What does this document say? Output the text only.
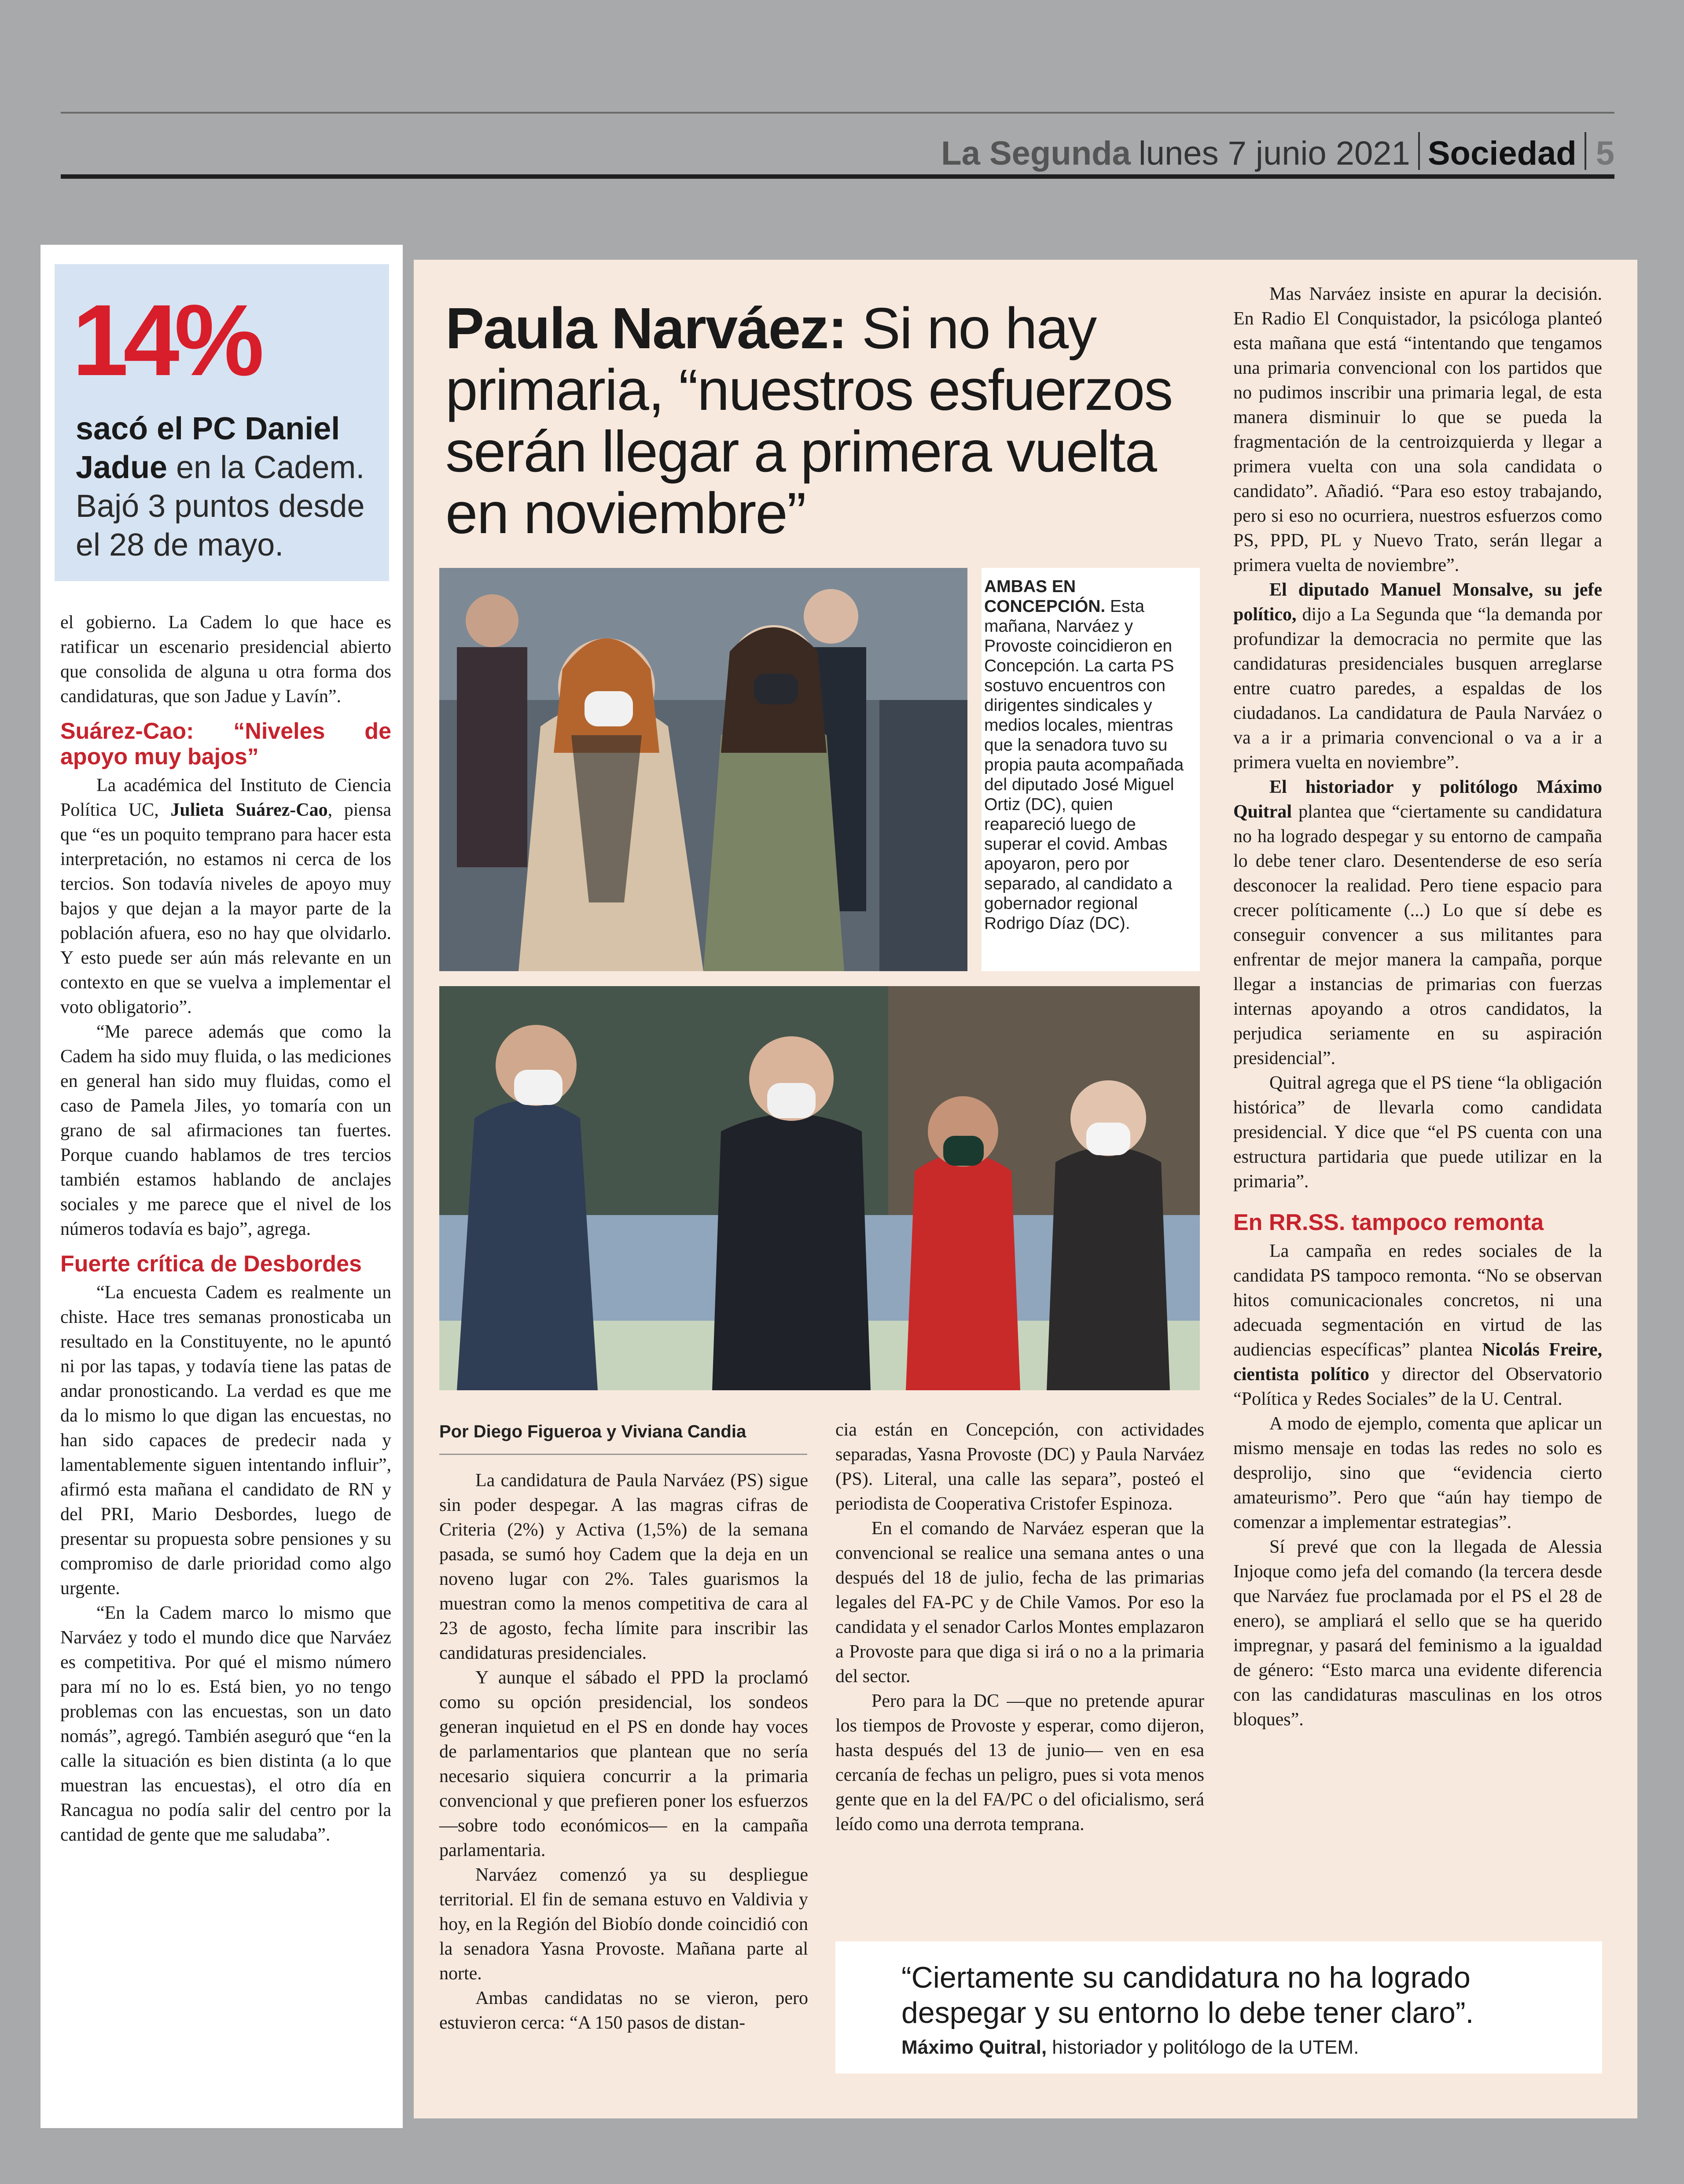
La Segunda lunes 7 junio 2021 Sociedad 5
14%
sacó el PC Daniel Jadue en la Cadem. Bajó 3 puntos desde el 28 de mayo.

el gobierno. La Cadem lo que hace es ratificar un escenario presidencial abierto que consolida de alguna u otra forma dos candidaturas, que son Jadue y Lavín”.

Suárez-Cao: “Niveles de apoyo muy bajos”

La académica del Instituto de Ciencia Política UC, Julieta Suárez-Cao, piensa que “es un poquito temprano para hacer esta interpretación, no estamos ni cerca de los tercios. Son todavía niveles de apoyo muy bajos y que dejan a la mayor parte de la población afuera, eso no hay que olvidarlo. Y esto puede ser aún más relevante en un contexto en que se vuelva a implementar el voto obligatorio”.

“Me parece además que como la Cadem ha sido muy fluida, o las mediciones en general han sido muy fluidas, como el caso de Pamela Jiles, yo tomaría con un grano de sal afirmaciones tan fuertes. Porque cuando hablamos de tres tercios también estamos hablando de anclajes sociales y me parece que el nivel de los números todavía es bajo”, agrega.

Fuerte crítica de Desbordes

“La encuesta Cadem es realmente un chiste. Hace tres semanas pronosticaba un resultado en la Constituyente, no le apuntó ni por las tapas, y todavía tiene las patas de andar pronosticando. La verdad es que me da lo mismo lo que digan las encuestas, no han sido capaces de predecir nada y lamentablemente siguen intentando influir”, afirmó esta mañana el candidato de RN y del PRI, Mario Desbordes, luego de presentar su propuesta sobre pensiones y su compromiso de darle prioridad como algo urgente.

“En la Cadem marco lo mismo que Narváez y todo el mundo dice que Narváez es competitiva. Por qué el mismo número para mí no lo es. Está bien, yo no tengo problemas con las encuestas, son un dato nomás”, agregó. También aseguró que “en la calle la situación es bien distinta (a lo que muestran las encuestas), el otro día en Rancagua no podía salir del centro por la cantidad de gente que me saludaba”.

Paula Narváez: Si no hay primaria, “nuestros esfuerzos serán llegar a primera vuelta en noviembre”
AMBAS EN CONCEPCIÓN. Esta mañana, Narváez y Provoste coincidieron en Concepción. La carta PS sostuvo encuentros con dirigentes sindicales y medios locales, mientras que la senadora tuvo su propia pauta acompañada del diputado José Miguel Ortiz (DC), quien reapareció luego de superar el covid. Ambas apoyaron, pero por separado, al candidato a gobernador regional Rodrigo Díaz (DC).
Por Diego Figueroa y Viviana Candia

La candidatura de Paula Narváez (PS) sigue sin poder despegar. A las magras cifras de Criteria (2%) y Activa (1,5%) de la semana pasada, se sumó hoy Cadem que la deja en un noveno lugar con 2%. Tales guarismos la muestran como la menos competitiva de cara al 23 de agosto, fecha límite para inscribir las candidaturas presidenciales.

Y aunque el sábado el PPD la proclamó como su opción presidencial, los sondeos generan inquietud en el PS en donde hay voces de parlamentarios que plantean que no sería necesario siquiera concurrir a la primaria convencional y que prefieren poner los esfuerzos —sobre todo económicos— en la campaña parlamentaria.

Narváez comenzó ya su despliegue territorial. El fin de semana estuvo en Valdivia y hoy, en la Región del Biobío donde coincidió con la senadora Yasna Provoste. Mañana parte al norte.

Ambas candidatas no se vieron, pero estuvieron cerca: “A 150 pasos de distan-

cia están en Concepción, con actividades separadas, Yasna Provoste (DC) y Paula Narváez (PS). Literal, una calle las separa”, posteó el periodista de Cooperativa Cristofer Espinoza.

En el comando de Narváez esperan que la convencional se realice una semana antes o una después del 18 de julio, fecha de las primarias legales del FA-PC y de Chile Vamos. Por eso la candidata y el senador Carlos Montes emplazaron a Provoste para que diga si irá o no a la primaria del sector.

Pero para la DC —que no pretende apurar los tiempos de Provoste y esperar, como dijeron, hasta después del 13 de junio— ven en esa cercanía de fechas un peligro, pues si vota menos gente que en la del FA/PC o del oficialismo, será leído como una derrota temprana.

Mas Narváez insiste en apurar la decisión. En Radio El Conquistador, la psicóloga planteó esta mañana que está “intentando que tengamos una primaria convencional con los partidos que no pudimos inscribir una primaria legal, de esta manera disminuir lo que se pueda la fragmentación de la centroizquierda y llegar a primera vuelta con una sola candidata o candidato”. Añadió. “Para eso estoy trabajando, pero si eso no ocurriera, nuestros esfuerzos como PS, PPD, PL y Nuevo Trato, serán llegar a primera vuelta de noviembre”.

El diputado Manuel Monsalve, su jefe político, dijo a La Segunda que “la demanda por profundizar la democracia no permite que las candidaturas presidenciales busquen arreglarse entre cuatro paredes, a espaldas de los ciudadanos. La candidatura de Paula Narváez o va a ir a primaria convencional o va a ir a primera vuelta en noviembre”.

El historiador y politólogo Máximo Quitral plantea que “ciertamente su candidatura no ha logrado despegar y su entorno de campaña lo debe tener claro. Desentenderse de eso sería desconocer la realidad. Pero tiene espacio para crecer políticamente (...) Lo que sí debe es conseguir convencer a sus militantes para enfrentar de mejor manera la campaña, porque llegar a instancias de primarias con fuerzas internas apoyando a otros candidatos, la perjudica seriamente en su aspiración presidencial”.

Quitral agrega que el PS tiene “la obligación histórica” de llevarla como candidata presidencial. Y dice que “el PS cuenta con una estructura partidaria que puede utilizar en la primaria”.

En RR.SS. tampoco remonta

La campaña en redes sociales de la candidata PS tampoco remonta. “No se observan hitos comunicacionales concretos, ni una adecuada segmentación en virtud de las audiencias específicas” plantea Nicolás Freire, cientista político y director del Observatorio “Política y Redes Sociales” de la U. Central.

A modo de ejemplo, comenta que aplicar un mismo mensaje en todas las redes no solo es desprolijo, sino que “evidencia cierto amateurismo”. Pero que “aún hay tiempo de comenzar a implementar estrategias”.

Sí prevé que con la llegada de Alessia Injoque como jefa del comando (la tercera desde que Narváez fue proclamada por el PS el 28 de enero), se ampliará el sello que se ha querido impregnar, y pasará del feminismo a la igualdad de género: “Esto marca una evidente diferencia con las candidaturas masculinas en los otros bloques”.

“Ciertamente su candidatura no ha logrado despegar y su entorno lo debe tener claro”.
Máximo Quitral, historiador y politólogo de la UTEM.
